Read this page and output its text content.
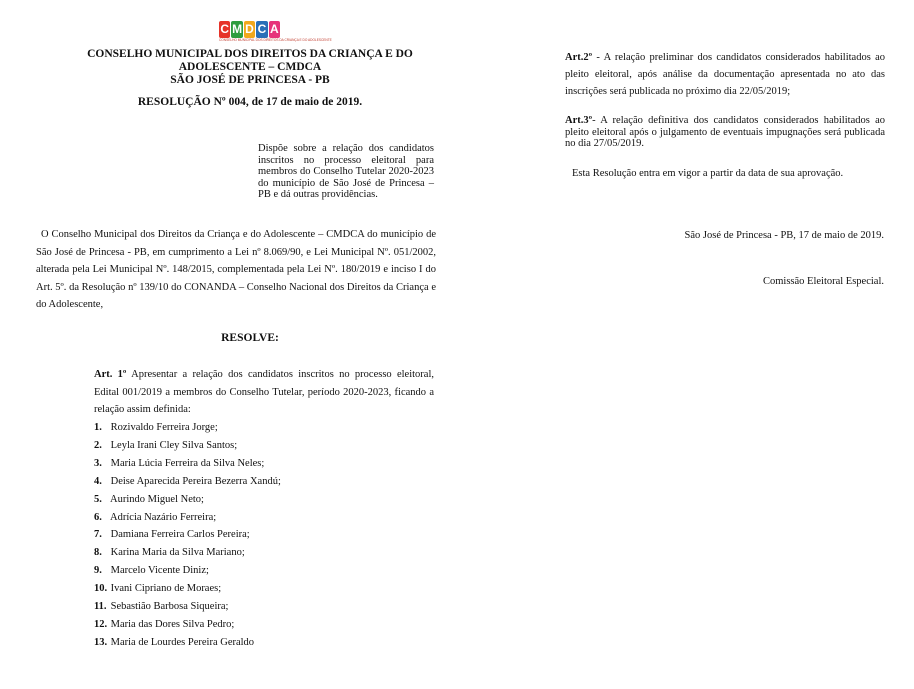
C M D C A
CONSELHO MUNICIPAL DOS DIREITOS DA CRIANÇA E DO ADOLESCENTE
CONSELHO MUNICIPAL DOS DIREITOS DA CRIANÇA E DO
ADOLESCENTE – CMDCA
SÃO JOSÉ DE PRINCESA - PB
RESOLUÇÃO Nº 004, de 17 de maio de 2019.
Dispõe sobre a relação dos candidatos inscritos no processo eleitoral para membros do Conselho Tutelar 2020-2023 do município de São José de Princesa – PB e dá outras providências.
O Conselho Municipal dos Direitos da Criança e do Adolescente – CMDCA do município de São José de Princesa - PB, em cumprimento a Lei nº 8.069/90, e Lei Municipal Nº. 051/2002, alterada pela Lei Municipal Nº. 148/2015, complementada pela Lei Nº. 180/2019 e inciso I do Art. 5º. da Resolução nº 139/10 do CONANDA – Conselho Nacional dos Direitos da Criança e do Adolescente,
RESOLVE:
Art. 1º Apresentar a relação dos candidatos inscritos no processo eleitoral, Edital 001/2019 a membros do Conselho Tutelar, período 2020-2023, ficando a relação assim definida:
1. Rozivaldo Ferreira Jorge;
2. Leyla Irani Cley Silva Santos;
3. Maria Lúcia Ferreira da Silva Neles;
4. Deise Aparecida Pereira Bezerra Xandú;
5. Aurindo Miguel Neto;
6. Adrícia Nazário Ferreira;
7. Damiana Ferreira Carlos Pereira;
8. Karina Maria da Silva Mariano;
9. Marcelo Vicente Diniz;
10. Ivani Cipriano de Moraes;
11. Sebastião Barbosa Siqueira;
12. Maria das Dores Silva Pedro;
13. Maria de Lourdes Pereira Geraldo
Art.2º - A relação preliminar dos candidatos considerados habilitados ao pleito eleitoral, após análise da documentação apresentada no ato das inscrições será publicada no próximo dia 22/05/2019;
Art.3º- A relação definitiva dos candidatos considerados habilitados ao pleito eleitoral após o julgamento de eventuais impugnações será publicada no dia 27/05/2019.
Esta Resolução entra em vigor a partir da data de sua aprovação.
São José de Princesa - PB, 17 de maio de 2019.
Comissão Eleitoral Especial.
